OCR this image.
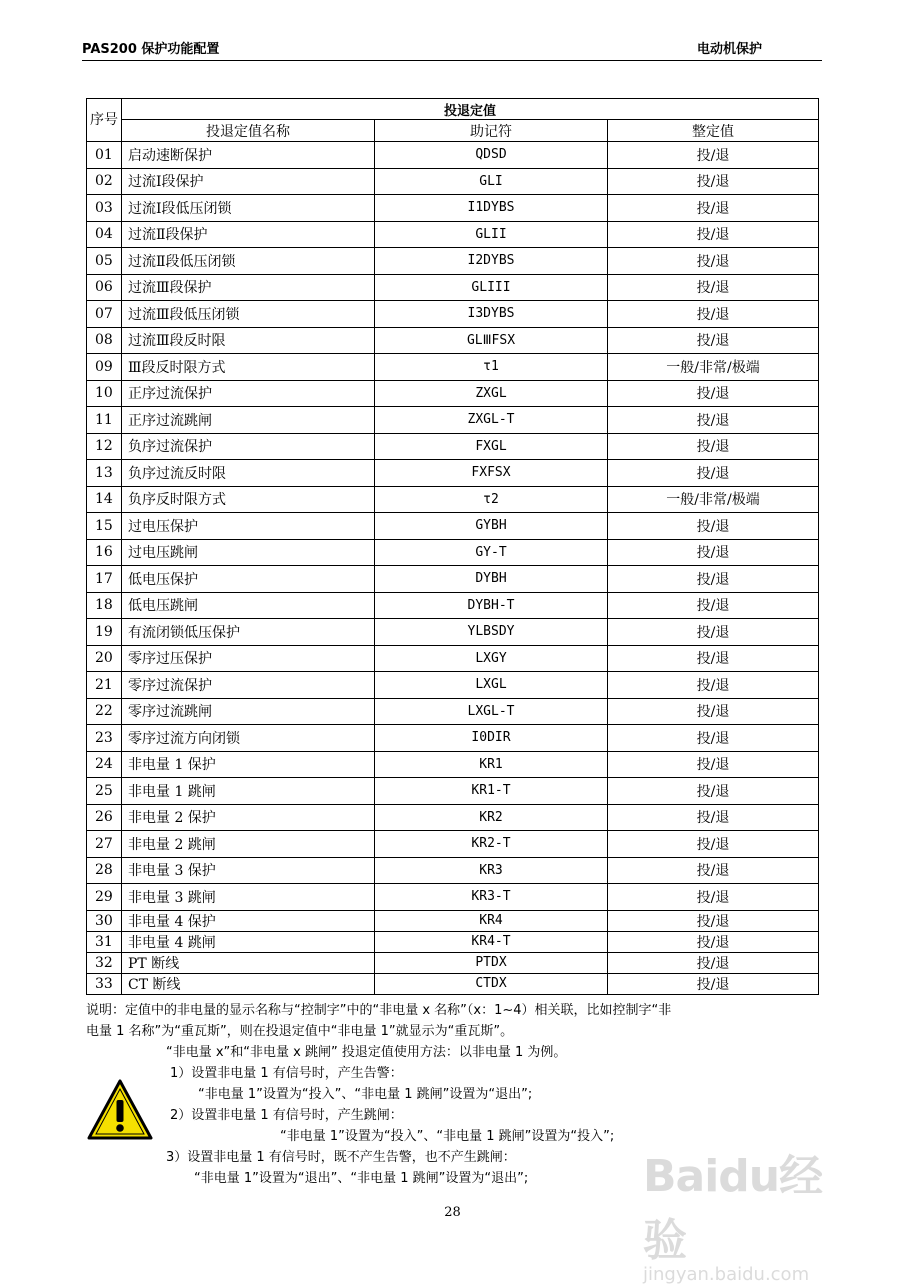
PAS200 保护功能配置	电动机保护
序号	投退定值		
	投退定值名称	助记符	整定值
01	启动速断保护	QDSD	投/退
02	过流Ⅰ段保护	GLI	投/退
03	过流Ⅰ段低压闭锁	I1DYBS	投/退
04	过流Ⅱ段保护	GLII	投/退
05	过流Ⅱ段低压闭锁	I2DYBS	投/退
06	过流Ⅲ段保护	GLIII	投/退
07	过流Ⅲ段低压闭锁	I3DYBS	投/退
08	过流Ⅲ段反时限	GLⅢFSX	投/退
09	Ⅲ段反时限方式	τ1	一般/非常/极端
10	正序过流保护	ZXGL	投/退
11	正序过流跳闸	ZXGL-T	投/退
12	负序过流保护	FXGL	投/退
13	负序过流反时限	FXFSX	投/退
14	负序反时限方式	τ2	一般/非常/极端
15	过电压保护	GYBH	投/退
16	过电压跳闸	GY-T	投/退
17	低电压保护	DYBH	投/退
18	低电压跳闸	DYBH-T	投/退
19	有流闭锁低压保护	YLBSDY	投/退
20	零序过压保护	LXGY	投/退
21	零序过流保护	LXGL	投/退
22	零序过流跳闸	LXGL-T	投/退
23	零序过流方向闭锁	I0DIR	投/退
24	非电量 1 保护	KR1	投/退
25	非电量 1 跳闸	KR1-T	投/退
26	非电量 2 保护	KR2	投/退
27	非电量 2 跳闸	KR2-T	投/退
28	非电量 3 保护	KR3	投/退
29	非电量 3 跳闸	KR3-T	投/退
30	非电量 4 保护	KR4	投/退
31	非电量 4 跳闸	KR4-T	投/退
32	PT 断线	PTDX	投/退
33	CT 断线	CTDX	投/退

说明：定值中的非电量的显示名称与“控制字”中的“非电量 x 名称”（x：1~4）相关联，比如控制字“非

电量 1 名称”为“重瓦斯”，则在投退定值中“非电量 1”就显示为“重瓦斯”。

“非电量 x”和“非电量 x 跳闸” 投退定值使用方法：以非电量 1 为例。

1）设置非电量 1 有信号时，产生告警：

“非电量 1”设置为“投入”、“非电量 1 跳闸”设置为“退出”;

2）设置非电量 1 有信号时，产生跳闸：

“非电量 1”设置为“投入”、“非电量 1 跳闸”设置为“投入”;

3）设置非电量 1 有信号时，既不产生告警，也不产生跳闸：

“非电量 1”设置为“退出”、“非电量 1 跳闸”设置为“退出”;

28
Baidu经验
jingyan.baidu.com
